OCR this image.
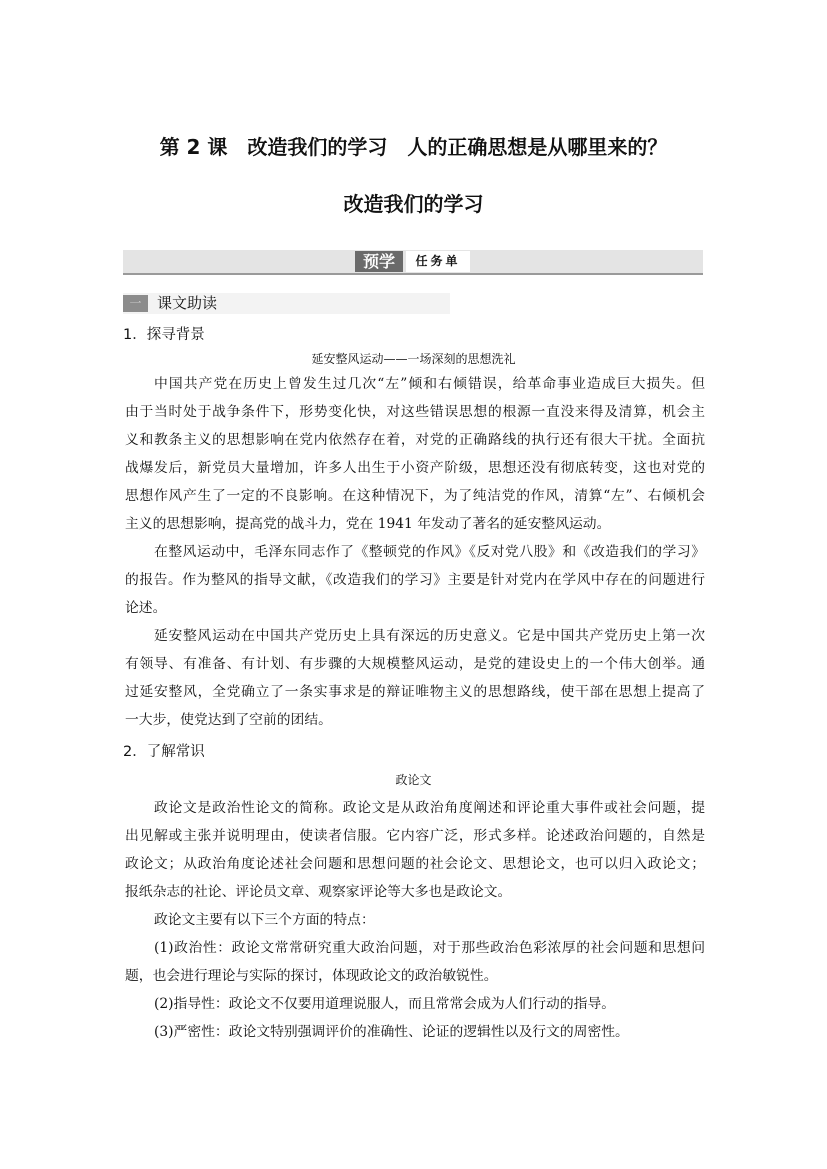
第 2 课　改造我们的学习　人的正确思想是从哪里来的？
改造我们的学习
预学	任务单
一	课文助读
1．探寻背景
延安整风运动——一场深刻的思想洗礼
中国共产党在历史上曾发生过几次“左”倾和右倾错误，给革命事业造成巨大损失。但
由于当时处于战争条件下，形势变化快，对这些错误思想的根源一直没来得及清算，机会主
义和教条主义的思想影响在党内依然存在着，对党的正确路线的执行还有很大干扰。全面抗
战爆发后，新党员大量增加，许多人出生于小资产阶级，思想还没有彻底转变，这也对党的
思想作风产生了一定的不良影响。在这种情况下，为了纯洁党的作风，清算“左”、右倾机会
主义的思想影响，提高党的战斗力，党在 1941 年发动了著名的延安整风运动。
在整风运动中，毛泽东同志作了《整顿党的作风》《反对党八股》和《改造我们的学习》
的报告。作为整风的指导文献，《改造我们的学习》主要是针对党内在学风中存在的问题进行
论述。
延安整风运动在中国共产党历史上具有深远的历史意义。它是中国共产党历史上第一次
有领导、有准备、有计划、有步骤的大规模整风运动，是党的建设史上的一个伟大创举。通
过延安整风，全党确立了一条实事求是的辩证唯物主义的思想路线，使干部在思想上提高了
一大步，使党达到了空前的团结。
2．了解常识
政论文
政论文是政治性论文的简称。政论文是从政治角度阐述和评论重大事件或社会问题，提
出见解或主张并说明理由，使读者信服。它内容广泛，形式多样。论述政治问题的，自然是
政论文；从政治角度论述社会问题和思想问题的社会论文、思想论文，也可以归入政论文；
报纸杂志的社论、评论员文章、观察家评论等大多也是政论文。
政论文主要有以下三个方面的特点：
(1)政治性：政论文常常研究重大政治问题，对于那些政治色彩浓厚的社会问题和思想问
题，也会进行理论与实际的探讨，体现政论文的政治敏锐性。
(2)指导性：政论文不仅要用道理说服人，而且常常会成为人们行动的指导。
(3)严密性：政论文特别强调评价的准确性、论证的逻辑性以及行文的周密性。
